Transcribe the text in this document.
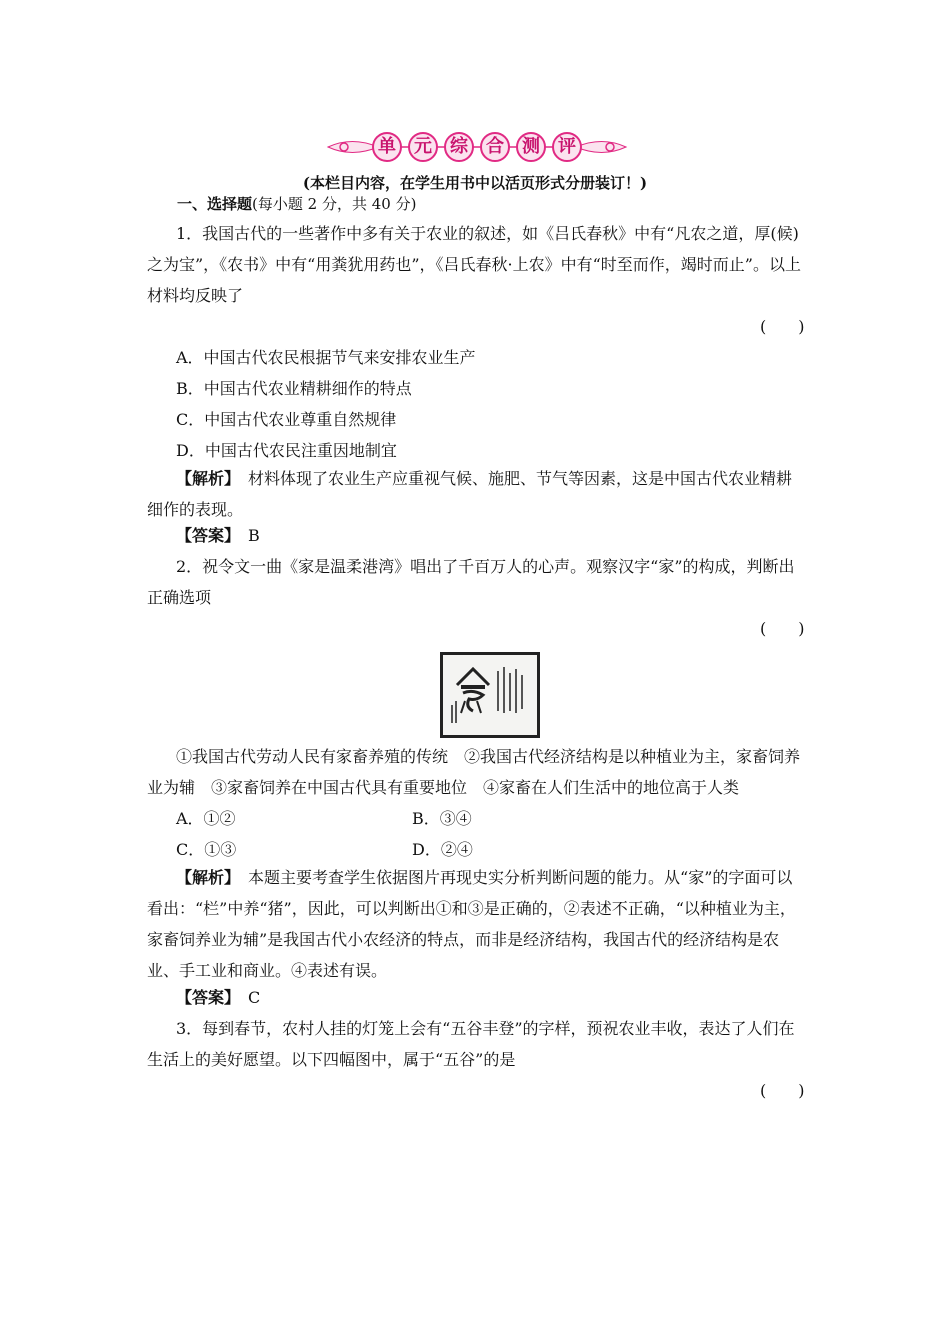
单	元	综	合	测	评
(本栏目内容，在学生用书中以活页形式分册装订！)
一、选择题(每小题 2 分，共 40 分)
1．我国古代的一些著作中多有关于农业的叙述，如《吕氏春秋》中有“凡农之道，厚(候)之为宝”，《农书》中有“用粪犹用药也”，《吕氏春秋·上农》中有“时至而作，竭时而止”。以上材料均反映了
(　　)
A．中国古代农民根据节气来安排农业生产
B．中国古代农业精耕细作的特点
C．中国古代农业尊重自然规律
D．中国古代农民注重因地制宜
【解析】　 材料体现了农业生产应重视气候、施肥、节气等因素，这是中国古代农业精耕细作的表现。
【答案】　 B
2．祝令文一曲《家是温柔港湾》唱出了千百万人的心声。观察汉字“家”的构成，判断出正确选项
(　　)
①我国古代劳动人民有家畜养殖的传统　②我国古代经济结构是以种植业为主，家畜饲养业为辅　③家畜饲养在中国古代具有重要地位　④家畜在人们生活中的地位高于人类
A．①②	B．③④
C．①③	D．②④
【解析】　 本题主要考查学生依据图片再现史实分析判断问题的能力。从“家”的字面可以看出：“栏”中养“猪”，因此，可以判断出①和③是正确的，②表述不正确，“以种植业为主，家畜饲养业为辅”是我国古代小农经济的特点，而非是经济结构，我国古代的经济结构是农业、手工业和商业。④表述有误。
【答案】　 C
3．每到春节，农村人挂的灯笼上会有“五谷丰登”的字样，预祝农业丰收，表达了人们在生活上的美好愿望。以下四幅图中，属于“五谷”的是
(　　)
